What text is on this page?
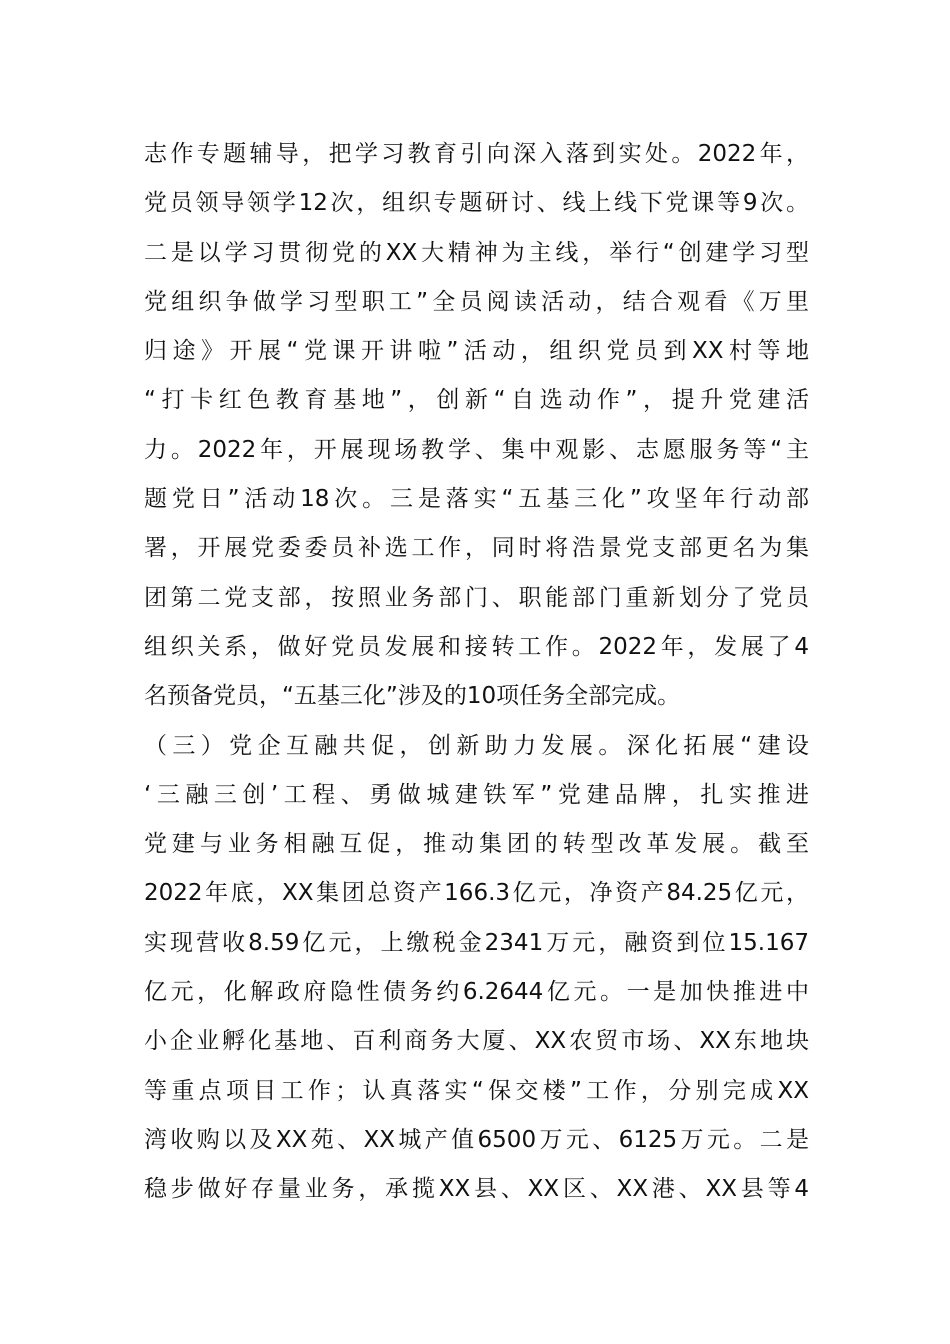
志作专题辅导，把学习教育引向深入落到实处。2022年，
党员领导领学12次，组织专题研讨、线上线下党课等9次。
二是以学习贯彻党的XX大精神为主线，举行“创建学习型
党组织争做学习型职工”全员阅读活动，结合观看《万里
归途》开展“党课开讲啦”活动，组织党员到XX村等地
“打卡红色教育基地”，创新“自选动作”，提升党建活
力。2022年，开展现场教学、集中观影、志愿服务等“主
题党日”活动18次。三是落实“五基三化”攻坚年行动部
署，开展党委委员补选工作，同时将浩景党支部更名为集
团第二党支部，按照业务部门、职能部门重新划分了党员
组织关系，做好党员发展和接转工作。2022年，发展了4
名预备党员，“五基三化”涉及的10项任务全部完成。
（三）党企互融共促，创新助力发展。深化拓展“建设
‘三融三创’工程、勇做城建铁军”党建品牌，扎实推进
党建与业务相融互促，推动集团的转型改革发展。截至
2022年底，XX集团总资产166.3亿元，净资产84.25亿元，
实现营收8.59亿元，上缴税金2341万元，融资到位15.167
亿元，化解政府隐性债务约6.2644亿元。一是加快推进中
小企业孵化基地、百利商务大厦、XX农贸市场、XX东地块
等重点项目工作；认真落实“保交楼”工作，分别完成XX
湾收购以及XX苑、XX城产值6500万元、6125万元。二是
稳步做好存量业务，承揽XX县、XX区、XX港、XX县等4
